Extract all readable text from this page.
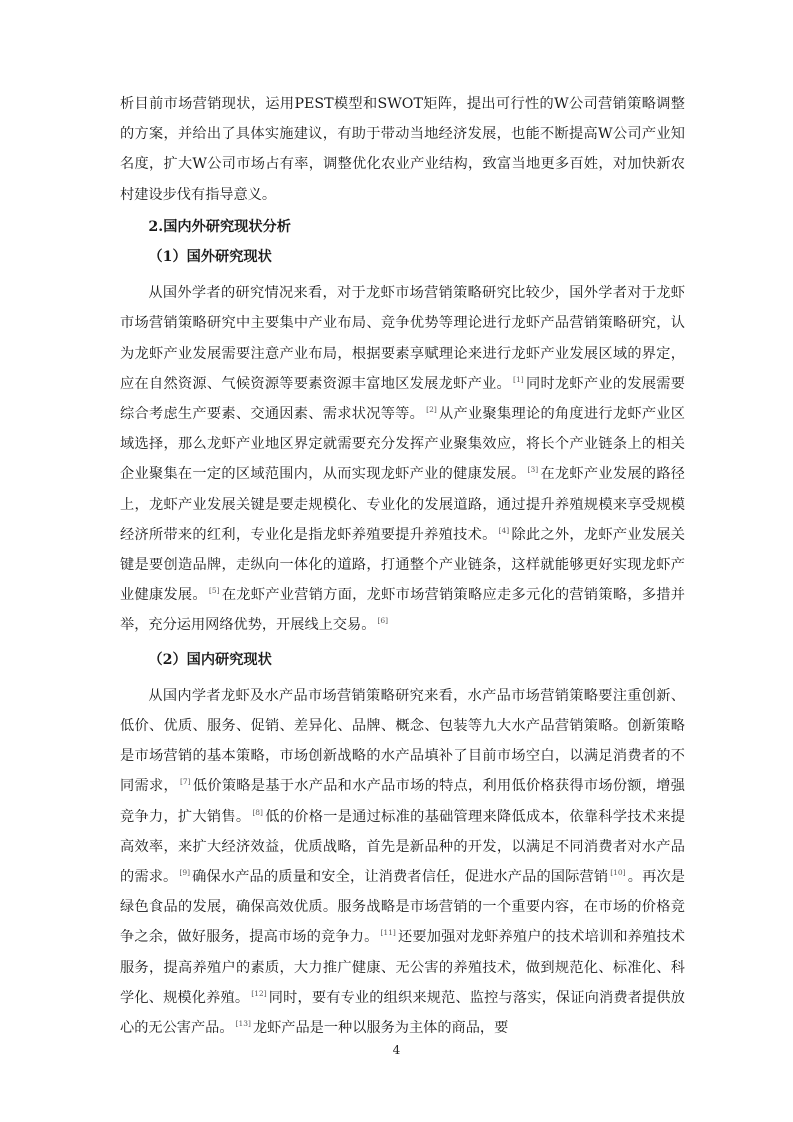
析目前市场营销现状，运用PEST模型和SWOT矩阵，提出可行性的W公司营销策略调整的方案，并给出了具体实施建议，有助于带动当地经济发展，也能不断提高W公司产业知名度，扩大W公司市场占有率，调整优化农业产业结构，致富当地更多百姓，对加快新农村建设步伐有指导意义。

2.国内外研究现状分析
（1）国外研究现状

从国外学者的研究情况来看，对于龙虾市场营销策略研究比较少，国外学者对于龙虾市场营销策略研究中主要集中产业布局、竞争优势等理论进行龙虾产品营销策略研究，认为龙虾产业发展需要注意产业布局，根据要素享赋理论来进行龙虾产业发展区域的界定，应在自然资源、气候资源等要素资源丰富地区发展龙虾产业。 [1] 同时龙虾产业的发展需要综合考虑生产要素、交通因素、需求状况等等。 [2] 从产业聚集理论的角度进行龙虾产业区域选择，那么龙虾产业地区界定就需要充分发挥产业聚集效应，将长个产业链条上的相关企业聚集在一定的区域范围内，从而实现龙虾产业的健康发展。 [3] 在龙虾产业发展的路径上，龙虾产业发展关键是要走规模化、专业化的发展道路，通过提升养殖规模来享受规模经济所带来的红利，专业化是指龙虾养殖要提升养殖技术。 [4] 除此之外，龙虾产业发展关键是要创造品牌，走纵向一体化的道路，打通整个产业链条，这样就能够更好实现龙虾产业健康发展。 [5] 在龙虾产业营销方面，龙虾市场营销策略应走多元化的营销策略，多措并举，充分运用网络优势，开展线上交易。 [6]

（2）国内研究现状

从国内学者龙虾及水产品市场营销策略研究来看，水产品市场营销策略要注重创新、低价、优质、服务、促销、差异化、品牌、概念、包装等九大水产品营销策略。创新策略是市场营销的基本策略，市场创新战略的水产品填补了目前市场空白，以满足消费者的不同需求， [7] 低价策略是基于水产品和水产品市场的特点，利用低价格获得市场份额，增强竞争力，扩大销售。 [8] 低的价格一是通过标准的基础管理来降低成本，依靠科学技术来提高效率，来扩大经济效益，优质战略，首先是新品种的开发，以满足不同消费者对水产品的需求。 [9] 确保水产品的质量和安全，让消费者信任，促进水产品的国际营销 [10] 。再次是绿色食品的发展，确保高效优质。服务战略是市场营销的一个重要内容，在市场的价格竞争之余，做好服务，提高市场的竞争力。 [11] 还要加强对龙虾养殖户的技术培训和养殖技术服务，提高养殖户的素质，大力推广健康、无公害的养殖技术，做到规范化、标准化、科学化、规模化养殖。 [12] 同时，要有专业的组织来规范、监控与落实，保证向消费者提供放心的无公害产品。 [13] 龙虾产品是一种以服务为主体的商品，要

4
